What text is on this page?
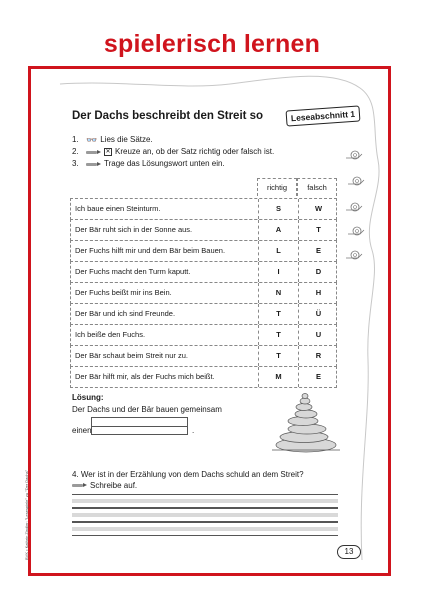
spielerisch lernen
Der Dachs beschreibt den Streit so	Leseabschnitt 1
1. 👓 Lies die Sätze.
2.	✕ Kreuze an, ob der Satz richtig oder falsch ist.
3.	Trage das Lösungswort unten ein.
richtig	falsch
Ich baue einen Steinturm.	S	W
Der Bär ruht sich in der Sonne aus.	A	T
Der Fuchs hilft mir und dem Bär beim Bauen.	L	E
Der Fuchs macht den Turm kaputt.	I	D
Der Fuchs beißt mir ins Bein.	N	H
Der Bär und ich sind Freunde.	T	Ü
Ich beiße den Fuchs.	T	U
Der Bär schaut beim Streit nur zu.	T	R
Der Bär hilft mir, als der Fuchs mich beißt.	M	E
Lösung:
Der Dachs und der Bär bauen gemeinsam
einen	.
4. Wer ist in der Erzählung von dem Dachs schuld an dem Streit?
Schreibe auf.
BVK • Kathrin Zindler: "Lesespiele" zu "Der Dachs"	13
